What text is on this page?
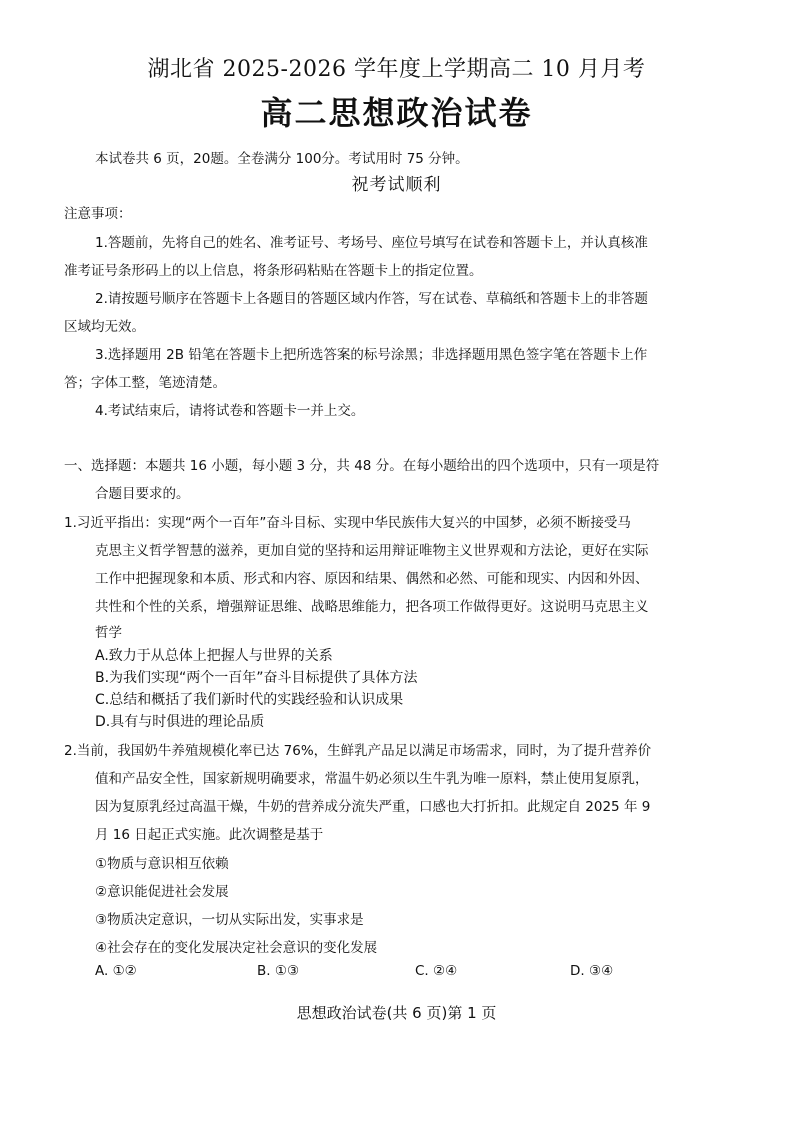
湖北省 2025-2026 学年度上学期高二 10 月月考
高二思想政治试卷
本试卷共 6 页，20题。全卷满分 100分。考试用时 75 分钟。
祝考试顺利
注意事项：
1.答题前，先将自己的姓名、准考证号、考场号、座位号填写在试卷和答题卡上，并认真核准
准考证号条形码上的以上信息，将条形码粘贴在答题卡上的指定位置。
2.请按题号顺序在答题卡上各题目的答题区域内作答，写在试卷、草稿纸和答题卡上的非答题
区域均无效。
3.选择题用 2B 铅笔在答题卡上把所选答案的标号涂黑；非选择题用黑色签字笔在答题卡上作
答；字体工整，笔迹清楚。
4.考试结束后，请将试卷和答题卡一并上交。
一、选择题：本题共 16 小题，每小题 3 分，共 48 分。在每小题给出的四个选项中，只有一项是符
合题目要求的。
1.习近平指出：实现“两个一百年”奋斗目标、实现中华民族伟大复兴的中国梦，必须不断接受马
克思主义哲学智慧的滋养，更加自觉的坚持和运用辩证唯物主义世界观和方法论，更好在实际
工作中把握现象和本质、形式和内容、原因和结果、偶然和必然、可能和现实、内因和外因、
共性和个性的关系，增强辩证思维、战略思维能力，把各项工作做得更好。这说明马克思主义
哲学
A.致力于从总体上把握人与世界的关系
B.为我们实现“两个一百年”奋斗目标提供了具体方法
C.总结和概括了我们新时代的实践经验和认识成果
D.具有与时俱进的理论品质
2.当前，我国奶牛养殖规模化率已达 76%，生鲜乳产品足以满足市场需求，同时，为了提升营养价
值和产品安全性，国家新规明确要求，常温牛奶必须以生牛乳为唯一原料，禁止使用复原乳，
因为复原乳经过高温干燥，牛奶的营养成分流失严重，口感也大打折扣。此规定自 2025 年 9
月 16 日起正式实施。此次调整是基于
①物质与意识相互依赖
②意识能促进社会发展
③物质决定意识，一切从实际出发，实事求是
④社会存在的变化发展决定社会意识的变化发展
A. ①②	B. ①③	C. ②④	D. ③④
思想政治试卷(共 6 页)第 1 页
